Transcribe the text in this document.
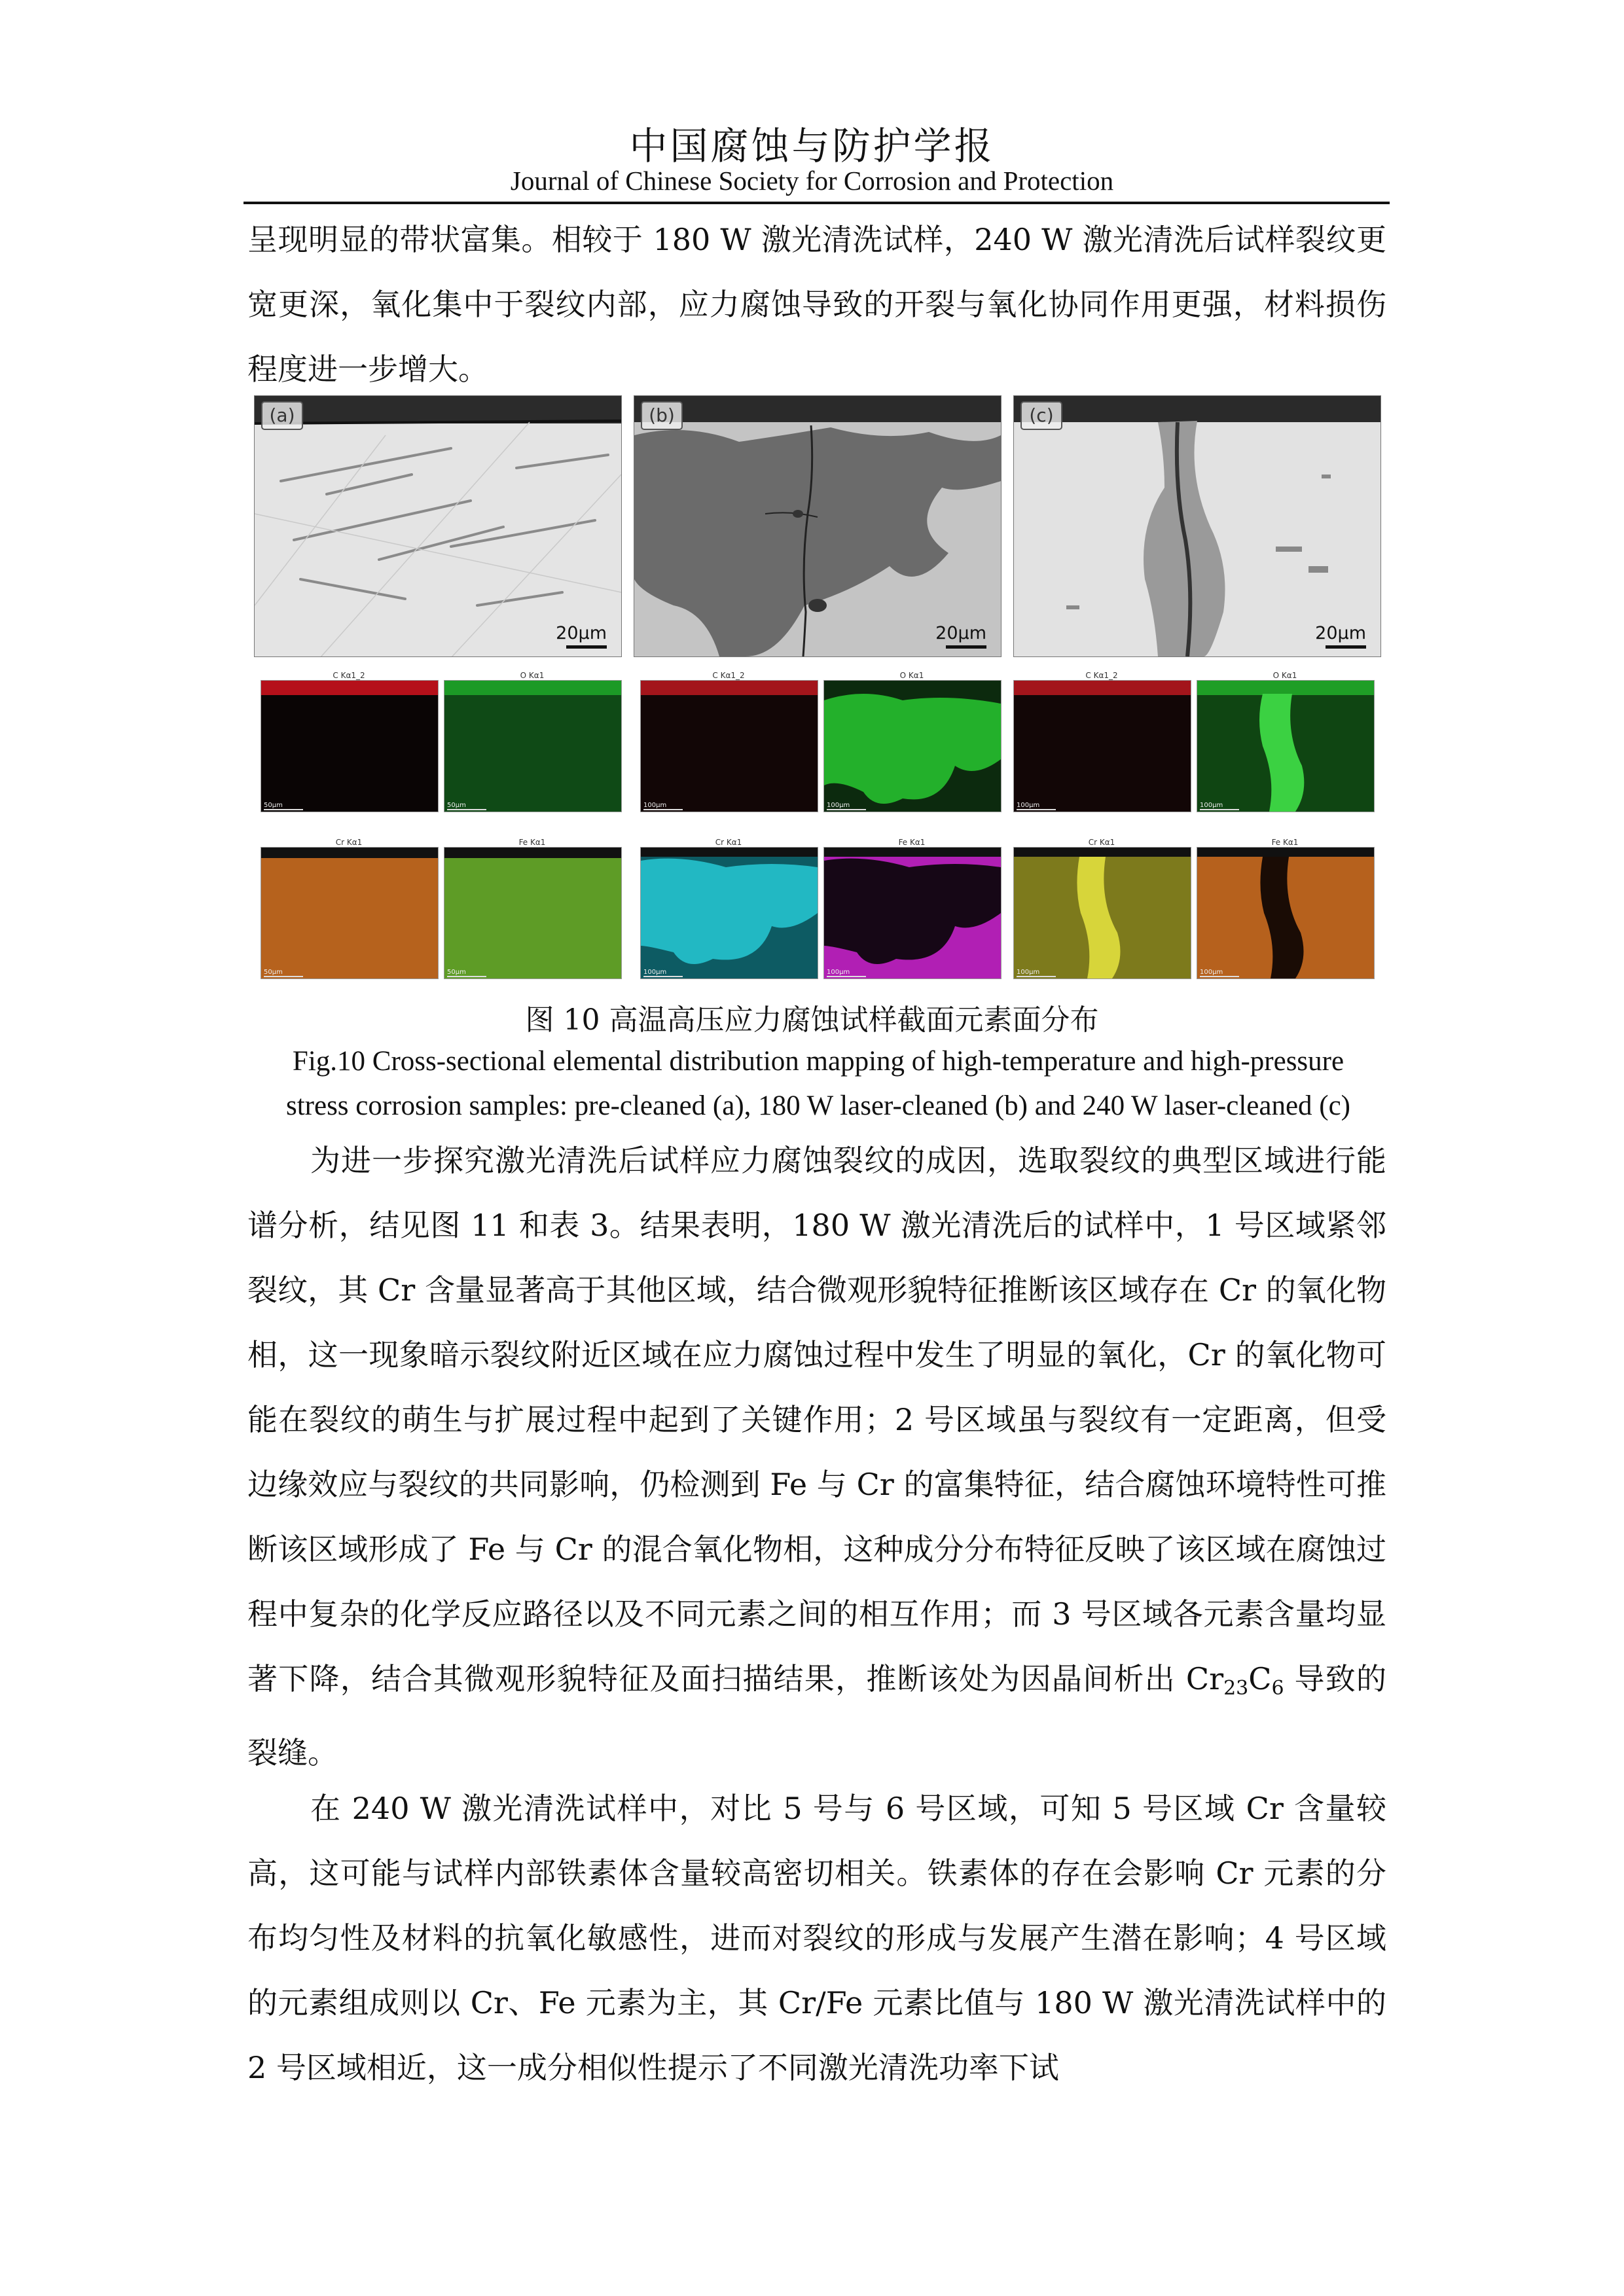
中国腐蚀与防护学报
Journal of Chinese Society for Corrosion and Protection

呈现明显的带状富集。相较于 180 W 激光清洗试样，240 W 激光清洗后试样裂纹更宽更深，氧化集中于裂纹内部，应力腐蚀导致的开裂与氧化协同作用更强，材料损伤程度进一步增大。

(a)
20μm
(b)
20μm
(c)
20μm
50μm
C Kα1_2
50μm
O Kα1
50μm
Cr Kα1
50μm
Fe Kα1
100μm
C Kα1_2
100μm
O Kα1
100μm
Cr Kα1
100μm
Fe Kα1
100μm
C Kα1_2
100μm
O Kα1
100μm
Cr Kα1
100μm
Fe Kα1
图 10 高温高压应力腐蚀试样截面元素面分布
Fig.10 Cross-sectional elemental distribution mapping of high-temperature and high-pressure stress corrosion samples: pre-cleaned (a), 180 W laser-cleaned (b) and 240 W laser-cleaned (c)

为进一步探究激光清洗后试样应力腐蚀裂纹的成因，选取裂纹的典型区域进行能谱分析，结见图 11 和表 3。结果表明，180 W 激光清洗后的试样中，1 号区域紧邻裂纹，其 Cr 含量显著高于其他区域，结合微观形貌特征推断该区域存在 Cr 的氧化物相，这一现象暗示裂纹附近区域在应力腐蚀过程中发生了明显的氧化，Cr 的氧化物可能在裂纹的萌生与扩展过程中起到了关键作用；2 号区域虽与裂纹有一定距离，但受边缘效应与裂纹的共同影响，仍检测到 Fe 与 Cr 的富集特征，结合腐蚀环境特性可推断该区域形成了 Fe 与 Cr 的混合氧化物相，这种成分分布特征反映了该区域在腐蚀过程中复杂的化学反应路径以及不同元素之间的相互作用；而 3 号区域各元素含量均显著下降，结合其微观形貌特征及面扫描结果，推断该处为因晶间析出 $Cr_{23}C_6$ 导致的裂缝。

在 240 W 激光清洗试样中，对比 5 号与 6 号区域，可知 5 号区域 Cr 含量较高，这可能与试样内部铁素体含量较高密切相关。铁素体的存在会影响 Cr 元素的分布均匀性及材料的抗氧化敏感性，进而对裂纹的形成与发展产生潜在影响；4 号区域的元素组成则以 Cr、Fe 元素为主，其 Cr/Fe 元素比值与 180 W 激光清洗试样中的 2 号区域相近，这一成分相似性提示了不同激光清洗功率下试
